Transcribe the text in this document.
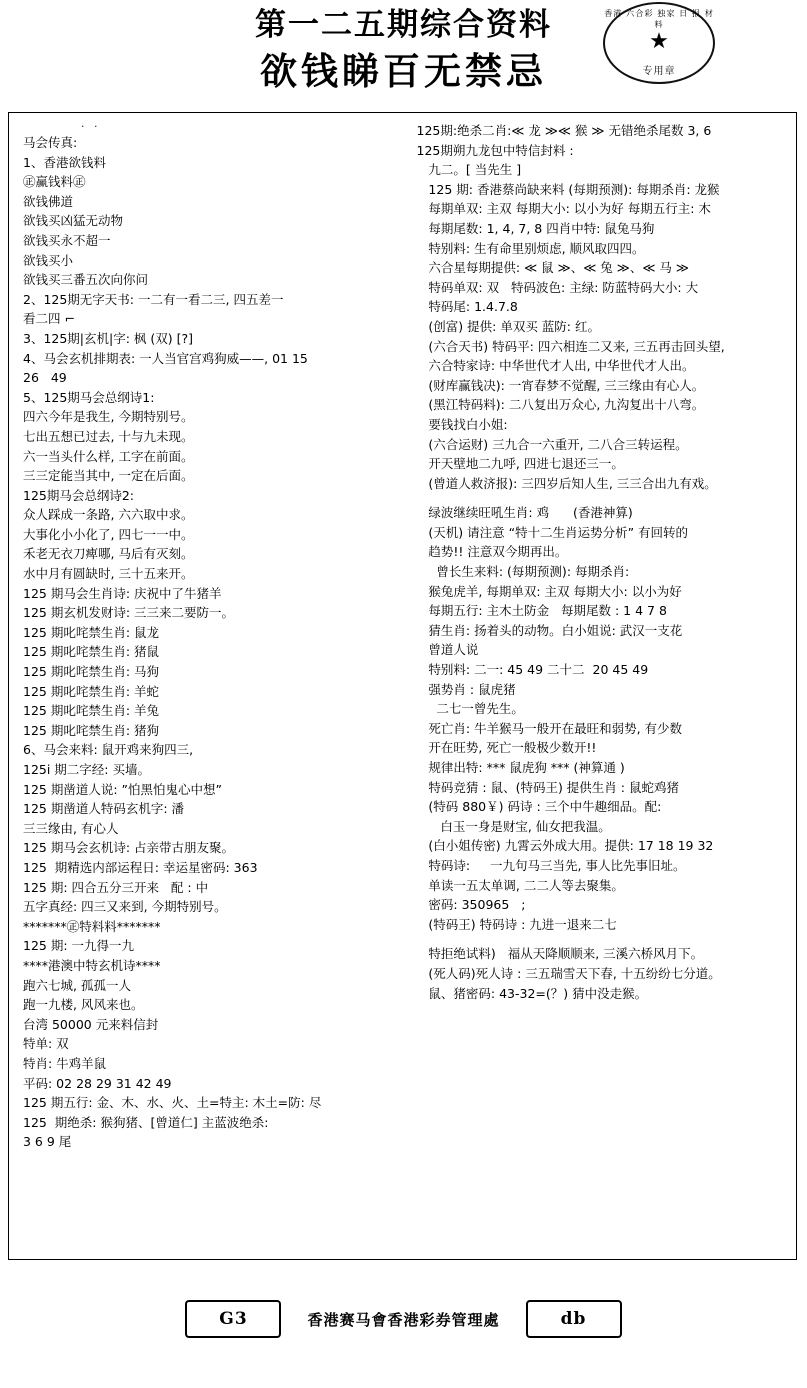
第一二五期综合资料
欲钱睇百无禁忌
香港 六合彩 独家 日 报 材 料
★
专用章
· ·
马会传真:
1、香港欲钱料
㊣赢钱料㊣
欲钱佛道
欲钱买凶猛无动物
欲钱买永不超一
欲钱买小
欲钱买三番五次向你问
2、125期无字天书: 一二有一看二三, 四五差一
看二四 ⌐
3、125期|玄机|字: 枫 (双) [?]
4、马会玄机排期表: 一人当官宫鸡狗威——, 01 15
26   49
5、125期马会总纲诗1:
四六今年是我生, 今期特别号。
七出五想已过去, 十与九未现。
六一当头什么样, 工字在前面。
三三定能当其中, 一定在后面。
125期马会总纲诗2:
众人踩成一条路, 六六取中求。
大事化小小化了, 四七一一中。
禾老无衣刀痺哪, 马后有灭刻。
水中月有圆缺时, 三十五来开。
125 期马会生肖诗: 庆祝中了牛猪羊
125 期玄机发财诗: 三三来二要防一。
125 期叱咤禁生肖: 鼠龙
125 期叱咤禁生肖: 猪鼠
125 期叱咤禁生肖: 马狗
125 期叱咤禁生肖: 羊蛇
125 期叱咤禁生肖: 羊兔
125 期叱咤禁生肖: 猪狗
6、马会来料: 鼠开鸡来狗四三,
125i 期二字经: 买墙。
125 期凿道人说: ”怕黑怕鬼心中想”
125 期凿道人特码玄机字: 潘
三三缘由, 有心人
125 期马会玄机诗: 占亲带古朋友聚。
125  期精选内部运程日: 幸运星密码: 363
125 期: 四合五分三开来   配 : 中
五字真经: 四三又来到, 今期特别号。
*******㊣特料料*******
125 期: 一九得一九
****港澳中特玄机诗****
跑六七城, 孤孤一人
跑一九楼, 风风来也。
台湾 50000 元来料信封
特单: 双
特肖: 牛鸡羊鼠
平码: 02 28 29 31 42 49
125 期五行: 金、木、水、火、土=特主: 木土=防: 尽
125  期绝杀: 猴狗猪、[曾道仁] 主蓝波绝杀:
3 6 9 尾
125期:绝杀二肖:≪ 龙 ≫≪ 猴 ≫ 无错绝杀尾数 3, 6
125期朔九龙包中特信封料 :
九二。[ 当先生 ]
125 期: 香港蔡尚缺来料 (每期预测): 每期杀肖: 龙猴
每期单双: 主双 每期大小: 以小为好 每期五行主: 木
每期尾数: 1, 4, 7, 8 四肖中特: 鼠兔马狗
特别料: 生有命里别烦虑, 顺风取四四。
六合星每期提供: ≪ 鼠 ≫、≪ 兔 ≫、≪ 马 ≫
特码单双: 双   特码波色: 主绿: 防蓝特码大小: 大
特码尾: 1.4.7.8
(创富) 提供: 单双买 蓝防: 红。
(六合天书) 特码平: 四六相连二又来, 三五再击回头望,
六合特家诗: 中华世代才人出, 中华世代才人出。
(财库赢钱决): 一宵春梦不觉醒, 三三缘由有心人。
(黑江特码料): 二八复出万众心, 九沟复出十八弯。
要钱找白小姐:
(六合运财) 三九合一六重开, 二八合三转运程。
开天壁地二九呼, 四进七退还三一。
(曾道人救济报): 三四岁后知人生, 三三合出九有戏。
绿波继续旺吼生肖: 鸡      (香港神算)
(天机) 请注意 “特十二生肖运势分析” 有回转的
趋势!! 注意双今期再出。
曾长生来料: (每期预测): 每期杀肖:
猴兔虎羊, 每期单双: 主双 每期大小: 以小为好
每期五行: 主木土防金   每期尾数 : 1 4 7 8
猜生肖: 扬着头的动物。白小姐说: 武汉一支花
曾道人说
特别料: 二一: 45 49 二十二  20 45 49
强势肖 : 鼠虎猪
二七一曾先生。
死亡肖: 牛羊猴马一般开在最旺和弱势, 有少数
开在旺势, 死亡一般极少数开!!
规律出特: *** 鼠虎狗 *** (神算通 )
特码竞猜 : 鼠、(特码王) 提供生肖 : 鼠蛇鸡猪
(特码 880￥) 码诗 : 三个中牛趣细品。配:
白玉一身是财宝, 仙女把我温。
(白小姐传密) 九霄云外成大用。提供: 17 18 19 32
特码诗:     一九句马三当先, 事人比先事旧址。
单读一五太单调, 二二人等去聚集。
密码: 350965   ;
(特码王) 特码诗 : 九进一退来二七
特拒绝试料)   福从天降顺顺来, 三溪六桥风月下。
(死人码)死人诗 : 三五瑞雪天下春, 十五纷纷七分道。
鼠、猪密码: 43-32=(？) 猜中没走猴。
G3	香港赛马會香港彩券管理處	db
